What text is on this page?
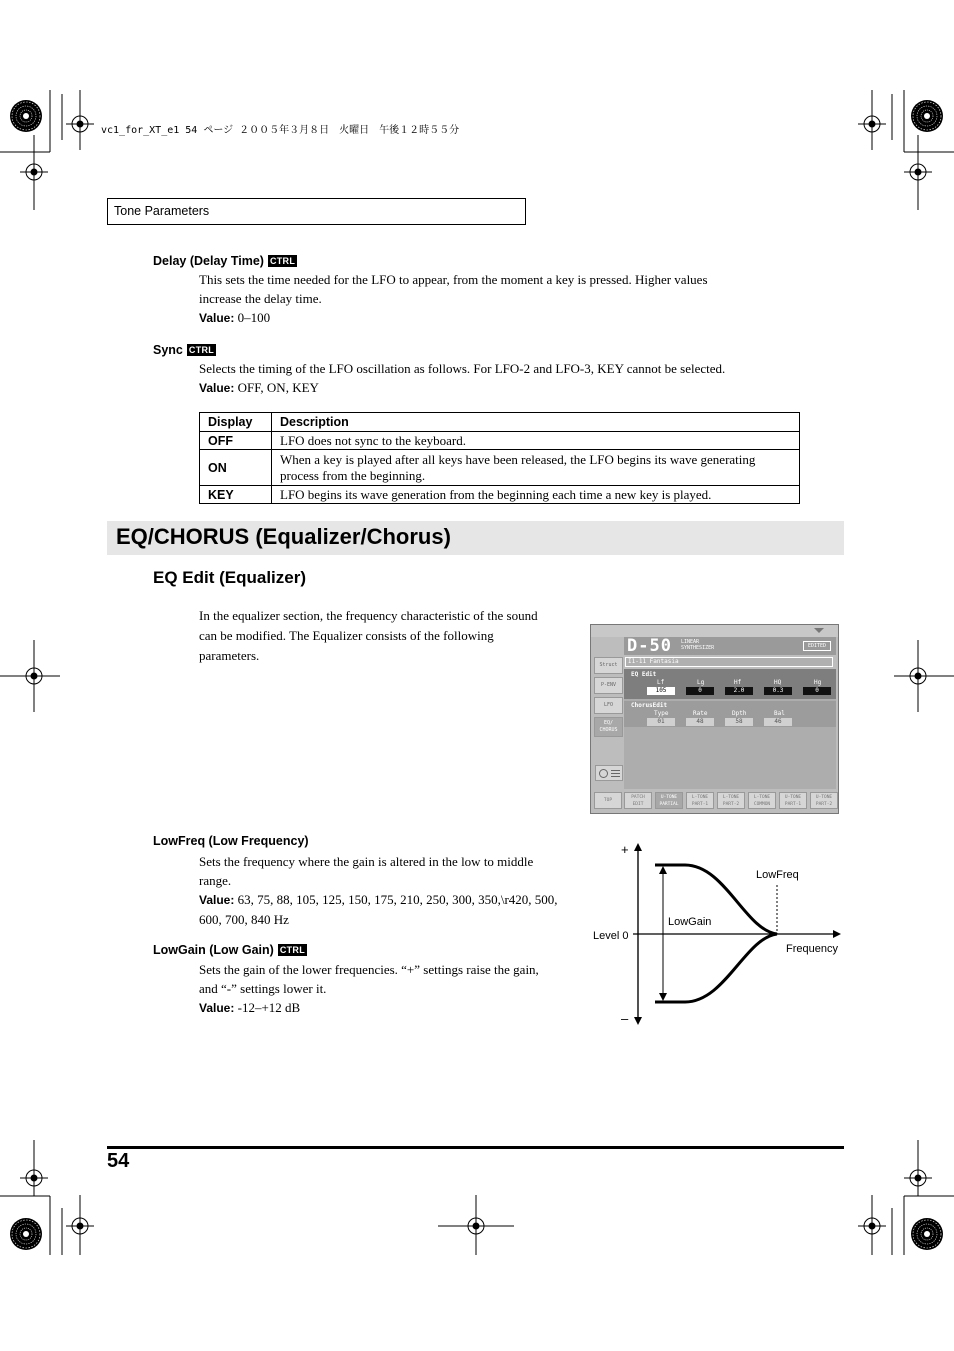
vc1_for_XT_e1 54 ページ ２００５年３月８日　火曜日　午後１２時５５分
Tone Parameters
Delay (Delay Time) CTRL
This sets the time needed for the LFO to appear, from the moment a key is pressed. Higher values
increase the delay time.
Value: 0–100
Sync CTRL
Selects the timing of the LFO oscillation as follows. For LFO-2 and LFO-3, KEY cannot be selected.
Value: OFF, ON, KEY
Display	Description
OFF	LFO does not sync to the keyboard.
ON	When a key is played after all keys have been released, the LFO begins its wave generating process from the beginning.
KEY	LFO begins its wave generation from the beginning each time a new key is played.
EQ/CHORUS (Equalizer/Chorus)
EQ Edit (Equalizer)
In the equalizer section, the frequency characteristic of the sound
can be modified. The Equalizer consists of the following
parameters.	D-50 LINEAR
SYNTHESIZER	EDITED
I1-11 Fantasia
Struct
P-ENV
LFO
EQ/ CHORUS
EQ Edit
Lf	Lg	Hf	HQ	Hg
105	0	2.0	0.3	0
ChorusEdit
Type	Rate	Dpth	Bal
01	48	58	46
TOP
PATCH EDIT
U-TONE PARTIAL
L-TONE PART-1
L-TONE PART-2
L-TONE COMMON
U-TONE PART-1
U-TONE PART-2
LowFreq (Low Frequency)
Sets the frequency where the gain is altered in the low to middle
range.
Value: 63, 75, 88, 105, 125, 150, 175, 210, 250, 300, 350,\r420, 500,
600, 700, 840 Hz
LowGain (Low Gain) CTRL
Sets the gain of the lower frequencies. “+” settings raise the gain,
and “-” settings lower it.
Value: -12–+12 dB
+
–
Level 0
LowGain
LowFreq
Frequency
54
